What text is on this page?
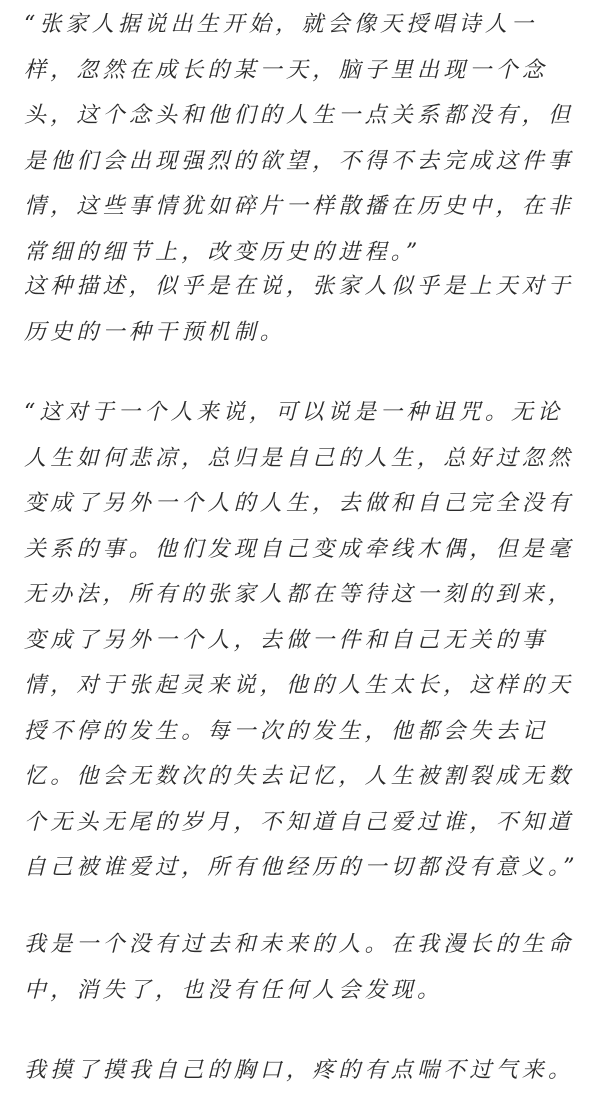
“张家人据说出生开始，就会像天授唱诗人一样，忽然在成长的某一天，脑子里出现一个念头，这个念头和他们的人生一点关系都没有，但是他们会出现强烈的欲望，不得不去完成这件事情，这些事情犹如碎片一样散播在历史中，在非常细的细节上，改变历史的进程。”

这种描述，似乎是在说，张家人似乎是上天对于历史的一种干预机制。

“这对于一个人来说，可以说是一种诅咒。无论人生如何悲凉，总归是自己的人生，总好过忽然变成了另外一个人的人生，去做和自己完全没有关系的事。他们发现自己变成牵线木偶，但是毫无办法，所有的张家人都在等待这一刻的到来，变成了另外一个人，去做一件和自己无关的事情，对于张起灵来说，他的人生太长，这样的天授不停的发生。每一次的发生，他都会失去记忆。他会无数次的失去记忆，人生被割裂成无数个无头无尾的岁月，不知道自己爱过谁，不知道自己被谁爱过，所有他经历的一切都没有意义。”

我是一个没有过去和未来的人。在我漫长的生命中，消失了，也没有任何人会发现。

我摸了摸我自己的胸口，疼的有点喘不过气来。
